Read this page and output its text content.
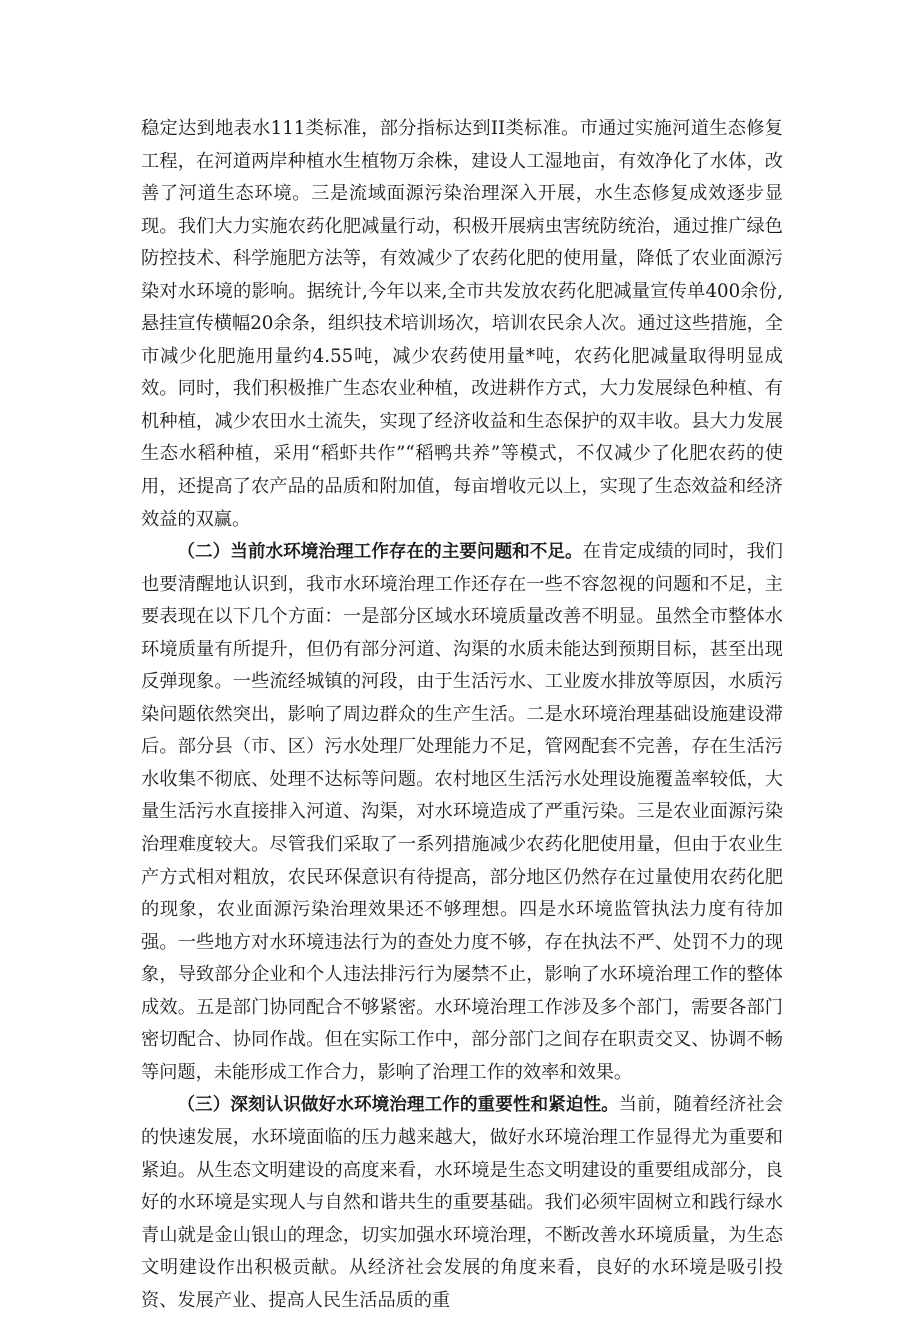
稳定达到地表水111类标准，部分指标达到II类标准。市通过实施河道生态修复工程，在河道两岸种植水生植物万余株，建设人工湿地亩，有效净化了水体，改善了河道生态环境。三是流域面源污染治理深入开展，水生态修复成效逐步显现。我们大力实施农药化肥减量行动，积极开展病虫害统防统治，通过推广绿色防控技术、科学施肥方法等，有效减少了农药化肥的使用量，降低了农业面源污染对水环境的影响。据统计,今年以来,全市共发放农药化肥减量宣传单400余份,悬挂宣传横幅20余条，组织技术培训场次，培训农民余人次。通过这些措施，全市减少化肥施用量约4.55吨，减少农药使用量*吨，农药化肥减量取得明显成效。同时，我们积极推广生态农业种植，改进耕作方式，大力发展绿色种植、有机种植，减少农田水土流失，实现了经济收益和生态保护的双丰收。县大力发展生态水稻种植，采用“稻虾共作”“稻鸭共养”等模式，不仅减少了化肥农药的使用，还提高了农产品的品质和附加值，每亩增收元以上，实现了生态效益和经济效益的双赢。

（二）当前水环境治理工作存在的主要问题和不足。在肯定成绩的同时，我们也要清醒地认识到，我市水环境治理工作还存在一些不容忽视的问题和不足，主要表现在以下几个方面：一是部分区域水环境质量改善不明显。虽然全市整体水环境质量有所提升，但仍有部分河道、沟渠的水质未能达到预期目标，甚至出现反弹现象。一些流经城镇的河段，由于生活污水、工业废水排放等原因，水质污染问题依然突出，影响了周边群众的生产生活。二是水环境治理基础设施建设滞后。部分县（市、区）污水处理厂处理能力不足，管网配套不完善，存在生活污水收集不彻底、处理不达标等问题。农村地区生活污水处理设施覆盖率较低，大量生活污水直接排入河道、沟渠，对水环境造成了严重污染。三是农业面源污染治理难度较大。尽管我们采取了一系列措施减少农药化肥使用量，但由于农业生产方式相对粗放，农民环保意识有待提高，部分地区仍然存在过量使用农药化肥的现象，农业面源污染治理效果还不够理想。四是水环境监管执法力度有待加强。一些地方对水环境违法行为的查处力度不够，存在执法不严、处罚不力的现象，导致部分企业和个人违法排污行为屡禁不止，影响了水环境治理工作的整体成效。五是部门协同配合不够紧密。水环境治理工作涉及多个部门，需要各部门密切配合、协同作战。但在实际工作中，部分部门之间存在职责交叉、协调不畅等问题，未能形成工作合力，影响了治理工作的效率和效果。

（三）深刻认识做好水环境治理工作的重要性和紧迫性。当前，随着经济社会的快速发展，水环境面临的压力越来越大，做好水环境治理工作显得尤为重要和紧迫。从生态文明建设的高度来看，水环境是生态文明建设的重要组成部分，良好的水环境是实现人与自然和谐共生的重要基础。我们必须牢固树立和践行绿水青山就是金山银山的理念，切实加强水环境治理，不断改善水环境质量，为生态文明建设作出积极贡献。从经济社会发展的角度来看，良好的水环境是吸引投资、发展产业、提高人民生活品质的重
